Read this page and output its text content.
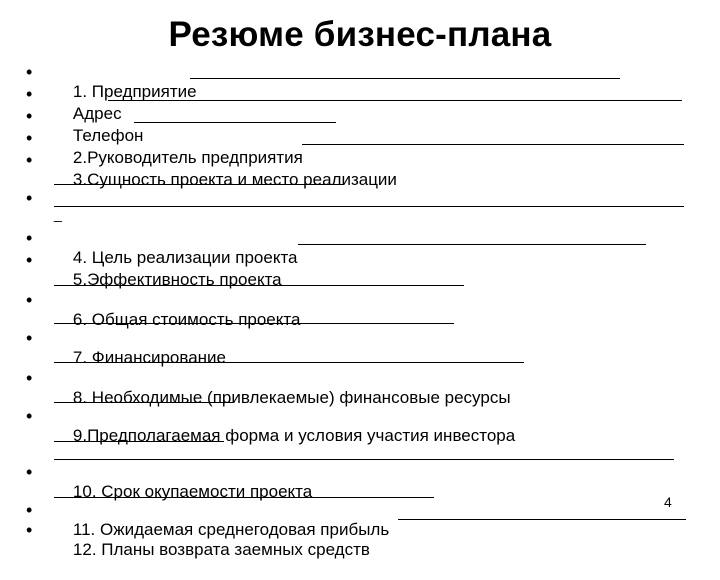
Резюме бизнес-плана
•
•
•
•
•
•
•
•
•
•
•
•
•
•
•

1. Предприятие

Адрес

Телефон

2.Руководитель предприятия

3.Сущность проекта и место реализации

_

4. Цель реализации проекта

5.Эффективность проекта

6. Общая стоимость проекта

7. Финансирование

8. Необходимые (привлекаемые) финансовые ресурсы

9.Предполагаемая форма и условия участия инвестора

10. Срок окупаемости проекта

11. Ожидаемая среднегодовая прибыль

12. Планы возврата заемных средств

4
